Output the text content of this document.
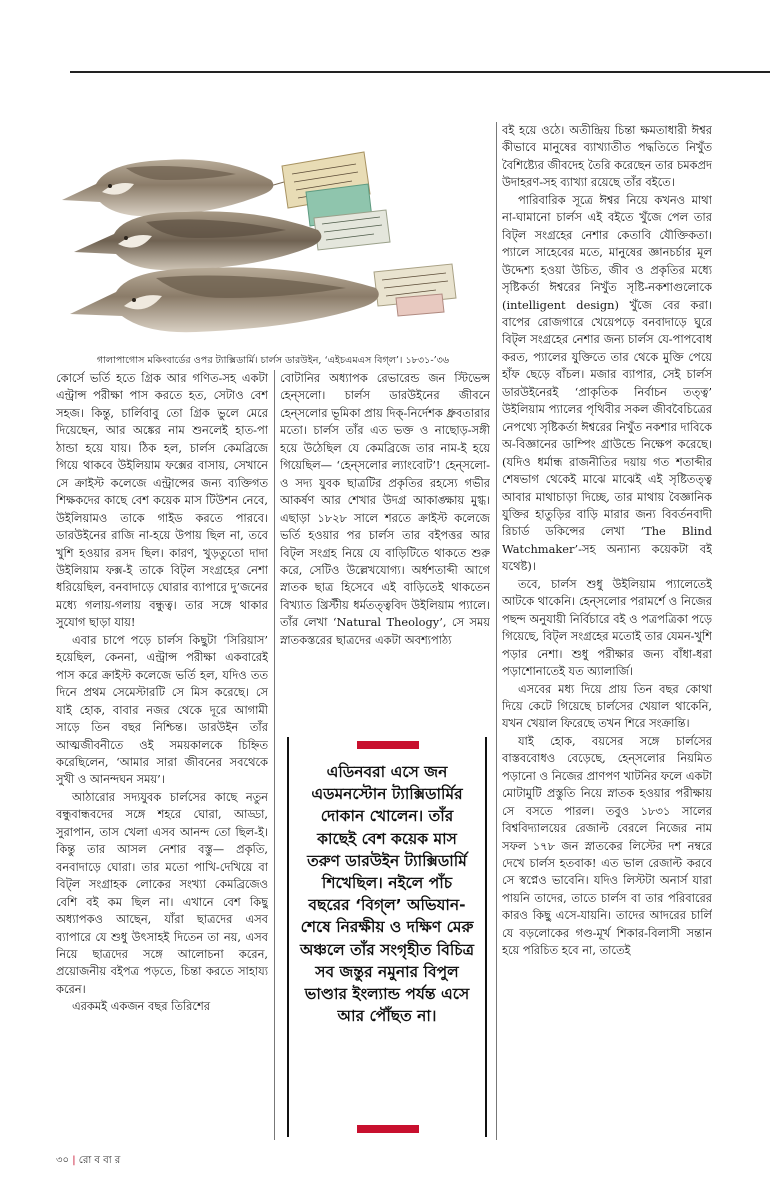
গালাপাগোস মকিংবার্ডের ওপর ট্যাক্সিডার্মি। চার্লস ডারউইন, ‘এইচএমএস বিগ্‌ল’। ১৮৩১-’৩৬

কোর্সে ভর্তি হতে গ্রিক আর গণিত-সহ একটা এন্ট্রান্স পরীক্ষা পাস করতে হত, সেটাও বেশ সহজ। কিন্তু, চার্লিবাবু তো গ্রিক ভুলে মেরে দিয়েছেন, আর অঙ্কের নাম শুনলেই হাত-পা ঠান্ডা হয়ে যায়। ঠিক হল, চার্লস কেমব্রিজে গিয়ে থাকবে উইলিয়াম ফক্সের বাসায়, সেখানে সে ক্রাইস্ট কলেজে এন্ট্রান্সের জন্য ব্যক্তিগত শিক্ষকদের কাছে বেশ কয়েক মাস টিউশন নেবে, উইলিয়ামও তাকে গাইড করতে পারবে। ডারউইনের রাজি না-হয়ে উপায় ছিল না, তবে খুশি হওয়ার রসদ ছিল। কারণ, খুড়তুতো দাদা উইলিয়াম ফক্স-ই তাকে বিট্‌ল সংগ্রহের নেশা ধরিয়েছিল, বনবাদাড়ে ঘোরার ব্যাপারে দু’জনের মধ্যে গলায়-গলায় বন্ধুত্ব। তার সঙ্গে থাকার সুযোগ ছাড়া যায়!

এবার চাপে পড়ে চার্লস কিছুটা ‘সিরিয়াস’ হয়েছিল, কেননা, এন্ট্রান্স পরীক্ষা একবারেই পাস করে ক্রাইস্ট কলেজে ভর্তি হল, যদিও তত দিনে প্রথম সেমেস্টারটি সে মিস করেছে। সে যাই হোক, বাবার নজর থেকে দূরে আগামী সাড়ে তিন বছর নিশ্চিন্ত। ডারউইন তাঁর আত্মজীবনীতে ওই সময়কালকে চিহ্নিত করেছিলেন, ‘আমার সারা জীবনের সবথেকে সুখী ও আনন্দঘন সময়’।

আঠারোর সদ্যযুবক চার্লসের কাছে নতুন বন্ধুবান্ধবদের সঙ্গে শহরে ঘোরা, আড্ডা, সুরাপান, তাস খেলা এসব আনন্দ তো ছিল-ই। কিন্তু তার আসল নেশার বস্তু— প্রকৃতি, বনবাদাড়ে ঘোরা। তার মতো পাখি-দেখিয়ে বা বিট্‌ল সংগ্রাহক লোকের সংখ্যা কেমব্রিজেও বেশি বই কম ছিল না। এখানে বেশ কিছু অধ্যাপকও আছেন, যাঁরা ছাত্রদের এসব ব্যাপারে যে শুধু উৎসাহই দিতেন তা নয়, এসব নিয়ে ছাত্রদের সঙ্গে আলোচনা করেন, প্রয়োজনীয় বইপত্র পড়তে, চিন্তা করতে সাহায্য করেন।

এরকমই একজন বছর তিরিশের

বোটানির অধ্যাপক রেভারেন্ড জন স্টিভেন্স হেন্‌সলো। চার্লস ডারউইনের জীবনে হেন্‌সলোর ভূমিকা প্রায় দিক্‌-নির্দেশক ধ্রুবতারার মতো। চার্লস তাঁর এত ভক্ত ও নাছোড়-সঙ্গী হয়ে উঠেছিল যে কেমব্রিজে তার নাম-ই হয়ে গিয়েছিল— ‘হেন্‌সলোর ল্যাংবোট’! হেন্‌সলো-ও সদ্য যুবক ছাত্রটির প্রকৃতির রহস্যে গভীর আকর্ষণ আর শেখার উদগ্র আকাঙ্ক্ষায় মুগ্ধ। এছাড়া ১৮২৮ সালে শরতে ক্রাইস্ট কলেজে ভর্তি হওয়ার পর চার্লস তার বইপত্তর আর বিট্‌ল সংগ্রহ নিয়ে যে বাড়িটিতে থাকতে শুরু করে, সেটিও উল্লেখযোগ্য। অর্ধশতাব্দী আগে স্নাতক ছাত্র হিসেবে এই বাড়িতেই থাকতেন বিখ্যাত খ্রিস্টীয় ধর্মতত্ত্ববিদ উইলিয়াম প্যালে। তাঁর লেখা ‘Natural Theology’, সে সময় স্নাতকস্তরের ছাত্রদের একটা অবশ্যপাঠ্য

এডিনবরা এসে জন এডমনস্টোন ট্যাক্সিডার্মির দোকান খোলেন। তাঁর কাছেই বেশ কয়েক মাস তরুণ ডারউইন ট্যাক্সিডার্মি শিখেছিল। নইলে পাঁচ বছরের ‘বিগ্‌ল’ অভিযান-শেষে নিরক্ষীয় ও দক্ষিণ মেরু অঞ্চলে তাঁর সংগৃহীত বিচিত্র সব জন্তুর নমুনার বিপুল ভাণ্ডার ইংল্যান্ড পর্যন্ত এসে আর পৌঁছত না।

বই হয়ে ওঠে। অতীন্দ্রিয় চিন্তা ক্ষমতাধারী ঈশ্বর কীভাবে মানুষের ব্যাখ্যাতীত পদ্ধতিতে নিখুঁত বৈশিষ্ট্যের জীবদেহ তৈরি করেছেন তার চমকপ্রদ উদাহরণ-সহ ব্যাখ্যা রয়েছে তাঁর বইতে।

পারিবারিক সূত্রে ঈশ্বর নিয়ে কখনও মাথা না-ঘামানো চার্লস এই বইতে খুঁজে পেল তার বিট্‌ল সংগ্রহের নেশার কেতাবি যৌক্তিকতা। প্যালে সাহেবের মতে, মানুষের জ্ঞানচর্চার মূল উদ্দেশ্য হওয়া উচিত, জীব ও প্রকৃতির মধ্যে সৃষ্টিকর্তা ঈশ্বরের নিখুঁত সৃষ্টি-নকশাগুলোকে (intelligent design) খুঁজে বের করা। বাপের রোজগারে খেয়েপড়ে বনবাদাড়ে ঘুরে বিট্‌ল সংগ্রহের নেশার জন্য চার্লস যে-পাপবোধ করত, প্যালের যুক্তিতে তার থেকে মুক্তি পেয়ে হাঁফ ছেড়ে বাঁচল। মজার ব্যাপার, সেই চার্লস ডারউইনেরই ‘প্রাকৃতিক নির্বাচন তত্ত্ব’ উইলিয়াম প্যালের পৃথিবীর সকল জীববৈচিত্রের নেপথ্যে সৃষ্টিকর্তা ঈশ্বরের নিখুঁত নকশার দাবিকে অ-বিজ্ঞানের ডাম্পিং গ্রাউন্ডে নিক্ষেপ করেছে। (যদিও ধর্মান্ধ রাজনীতির দয়ায় গত শতাব্দীর শেষভাগ থেকেই মাঝে মাঝেই এই সৃষ্টিতত্ত্ব আবার মাথাচাড়া দিচ্ছে, তার মাথায় বৈজ্ঞানিক যুক্তির হাতুড়ির বাড়ি মারার জন্য বিবর্তনবাদী রিচার্ড ডকিন্সের লেখা ‘The Blind Watchmaker’-সহ অন্যান্য কয়েকটা বই যথেষ্ট)।

তবে, চার্লস শুধু উইলিয়াম প্যালেতেই আটকে থাকেনি। হেন্‌সলোর পরামর্শে ও নিজের পছন্দ অনুযায়ী নির্বিচারে বই ও পত্রপত্রিকা পড়ে গিয়েছে, বিট্‌ল সংগ্রহের মতোই তার যেমন-খুশি পড়ার নেশা। শুধু পরীক্ষার জন্য বাঁধা-ধরা পড়াশোনাতেই যত অ্যালার্জি।

এসবের মধ্য দিয়ে প্রায় তিন বছর কোথা দিয়ে কেটে গিয়েছে চার্লসের খেয়াল থাকেনি, যখন খেয়াল ফিরেছে তখন শিরে সংক্রান্তি।

যাই হোক, বয়সের সঙ্গে চার্লসের বাস্তববোধও বেড়েছে, হেন্‌সলোর নিয়মিত পড়ানো ও নিজের প্রাণপণ খাটনির ফলে একটা মোটামুটি প্রস্তুতি নিয়ে স্নাতক হওয়ার পরীক্ষায় সে বসতে পারল। তবুও ১৮৩১ সালের বিশ্ববিদ্যালয়ের রেজাল্ট বেরলে নিজের নাম সফল ১৭৮ জন স্নাতকের লিস্টের দশ নম্বরে দেখে চার্লস হতবাক! এত ভাল রেজাল্ট করবে সে স্বপ্নেও ভাবেনি। যদিও লিস্টটা অনার্স যারা পায়নি তাদের, তাতে চার্লস বা তার পরিবারের কারও কিছু এসে-যায়নি। তাদের আদরের চার্লি যে বড়লোকের গণ্ড-মূর্খ শিকার-বিলাসী সন্তান হয়ে পরিচিত হবে না, তাতেই

৩০ | রো ব বা র
